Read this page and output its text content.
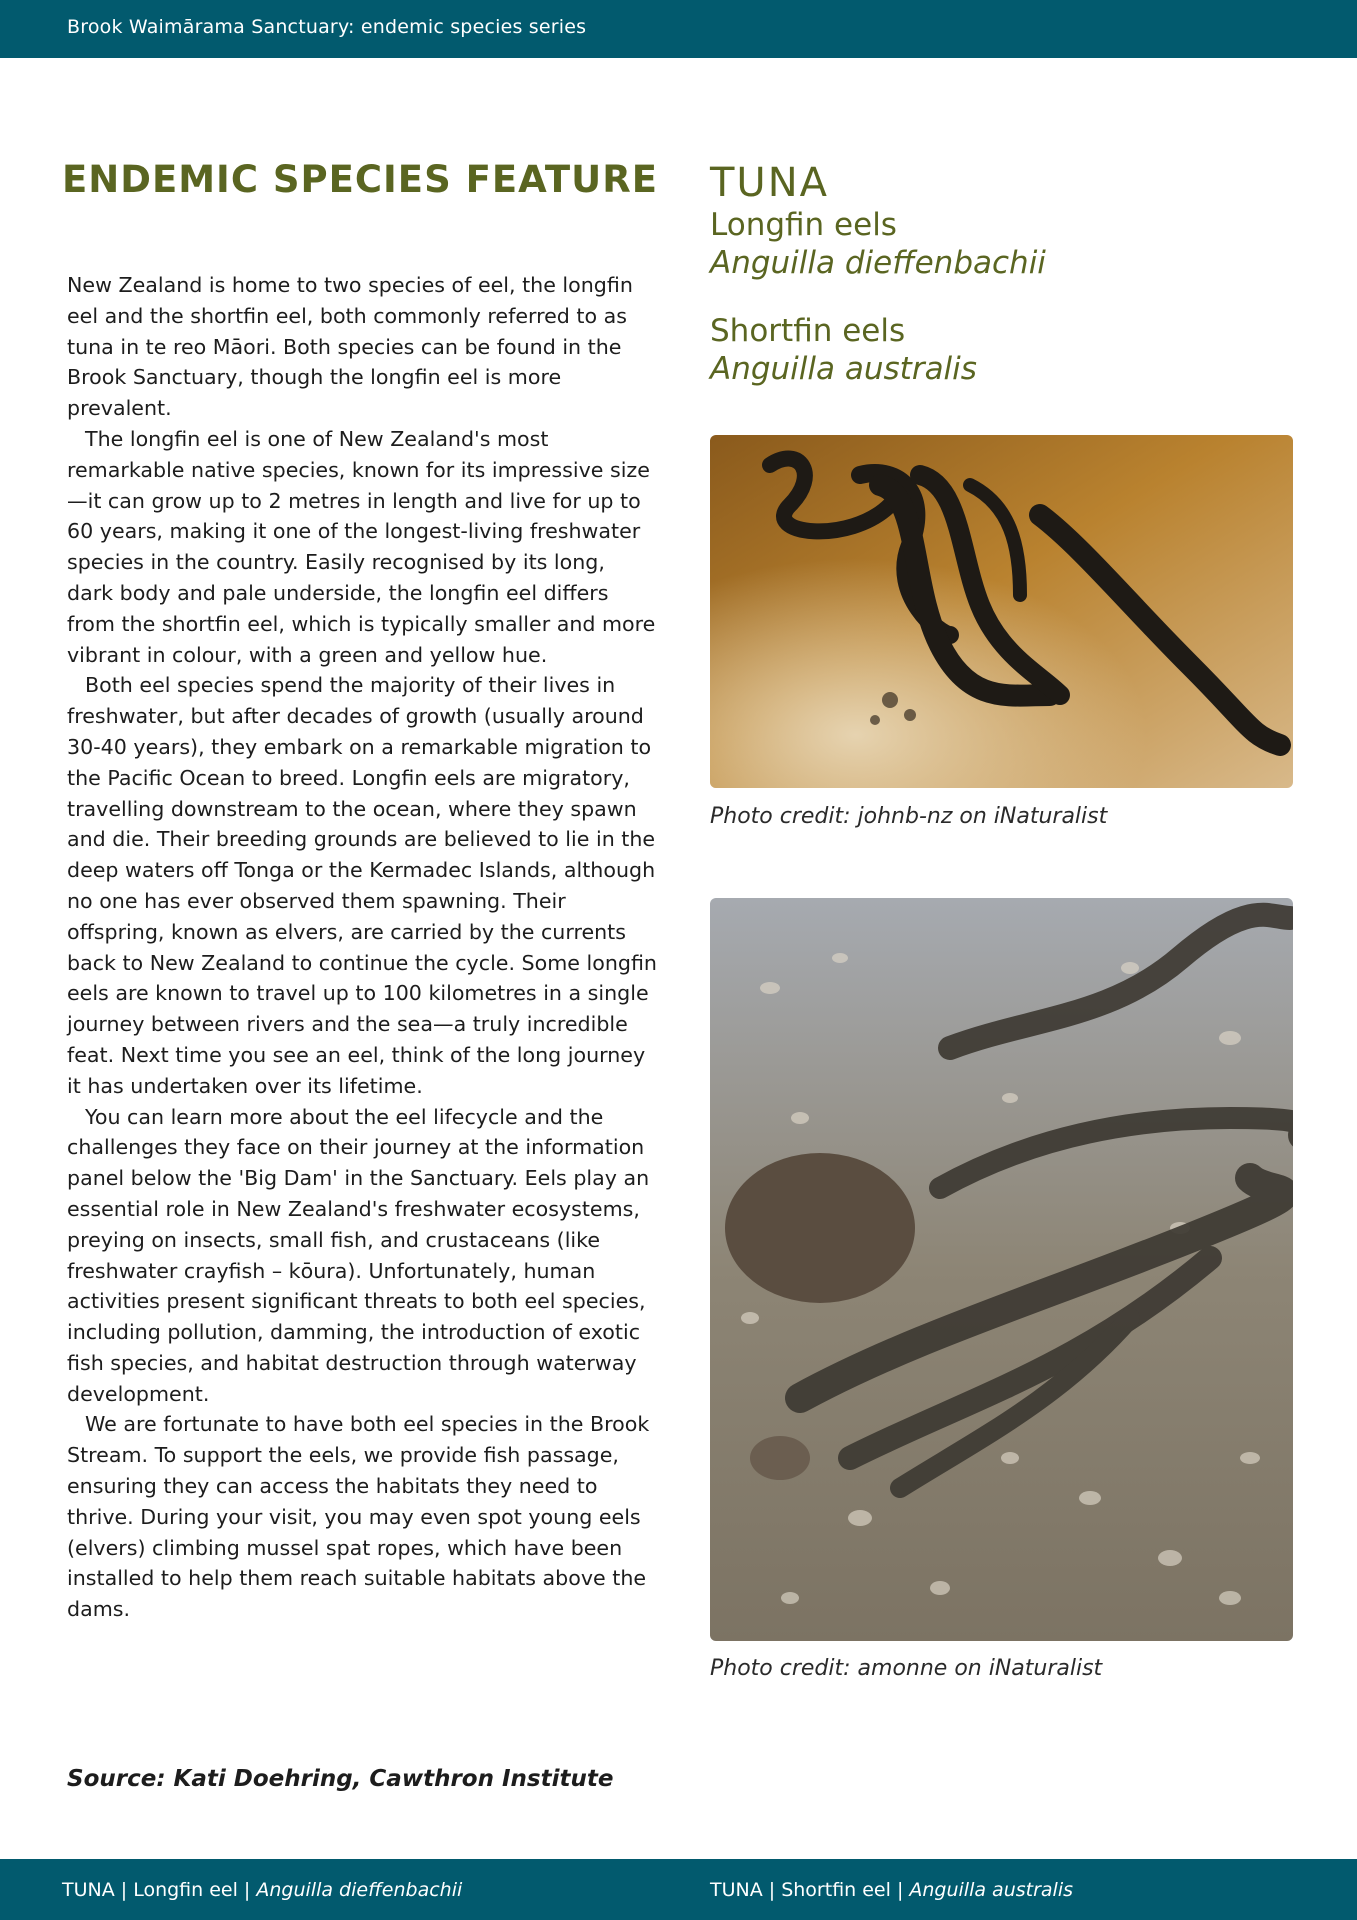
Brook Waimārama Sanctuary: endemic species series
ENDEMIC SPECIES FEATURE

New Zealand is home to two species of eel, the longfin eel and the shortfin eel, both commonly referred to as tuna in te reo Māori. Both species can be found in the Brook Sanctuary, though the longfin eel is more prevalent.

The longfin eel is one of New Zealand's most remarkable native species, known for its impressive size—it can grow up to 2 metres in length and live for up to 60 years, making it one of the longest-living freshwater species in the country. Easily recognised by its long, dark body and pale underside, the longfin eel differs from the shortfin eel, which is typically smaller and more vibrant in colour, with a green and yellow hue.

Both eel species spend the majority of their lives in freshwater, but after decades of growth (usually around 30-40 years), they embark on a remarkable migration to the Pacific Ocean to breed. Longfin eels are migratory, travelling downstream to the ocean, where they spawn and die. Their breeding grounds are believed to lie in the deep waters off Tonga or the Kermadec Islands, although no one has ever observed them spawning. Their offspring, known as elvers, are carried by the currents back to New Zealand to continue the cycle. Some longfin eels are known to travel up to 100 kilometres in a single journey between rivers and the sea—a truly incredible feat. Next time you see an eel, think of the long journey it has undertaken over its lifetime.

You can learn more about the eel lifecycle and the challenges they face on their journey at the information panel below the 'Big Dam' in the Sanctuary. Eels play an essential role in New Zealand's freshwater ecosystems, preying on insects, small fish, and crustaceans (like freshwater crayfish – kōura). Unfortunately, human activities present significant threats to both eel species, including pollution, damming, the introduction of exotic fish species, and habitat destruction through waterway development.

We are fortunate to have both eel species in the Brook Stream. To support the eels, we provide fish passage, ensuring they can access the habitats they need to thrive. During your visit, you may even spot young eels (elvers) climbing mussel spat ropes, which have been installed to help them reach suitable habitats above the dams.

Source: Kati Doehring, Cawthron Institute

TUNA

Longfin eels

Anguilla dieffenbachii

Shortfin eels

Anguilla australis

Photo credit: johnb-nz on iNaturalist
Photo credit: amonne on iNaturalist
TUNA | Longfin eel | Anguilla dieffenbachii	TUNA | Shortfin eel | Anguilla australis
